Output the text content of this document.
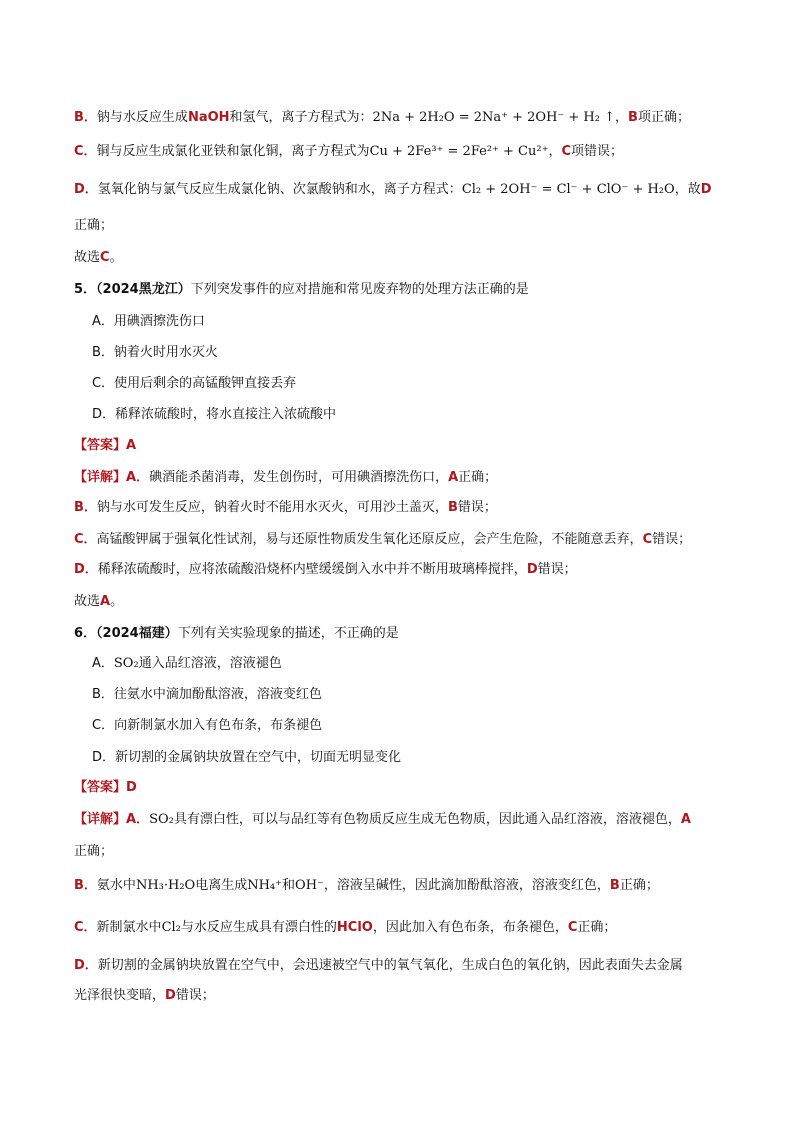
B．钠与水反应生成NaOH和氢气，离子方程式为：2Na + 2H₂O = 2Na⁺ + 2OH⁻ + H₂ ↑，B项正确；
C．铜与反应生成氯化亚铁和氯化铜，离子方程式为Cu + 2Fe³⁺ = 2Fe²⁺ + Cu²⁺，C项错误；
D．氢氧化钠与氯气反应生成氯化钠、次氯酸钠和水，离子方程式：Cl₂ + 2OH⁻ = Cl⁻ + ClO⁻ + H₂O，故D
正确；
故选C。
5．（2024黑龙江）下列突发事件的应对措施和常见废弃物的处理方法正确的是
A．用碘酒擦洗伤口
B．钠着火时用水灭火
C．使用后剩余的高锰酸钾直接丢弃
D．稀释浓硫酸时，将水直接注入浓硫酸中
【答案】A
【详解】A．碘酒能杀菌消毒，发生创伤时，可用碘酒擦洗伤口，A正确；
B．钠与水可发生反应，钠着火时不能用水灭火，可用沙土盖灭，B错误；
C．高锰酸钾属于强氧化性试剂，易与还原性物质发生氧化还原反应，会产生危险，不能随意丢弃，C错误；
D．稀释浓硫酸时，应将浓硫酸沿烧杯内壁缓缓倒入水中并不断用玻璃棒搅拌，D错误；
故选A。
6．（2024福建）下列有关实验现象的描述，不正确的是
A．SO₂通入品红溶液，溶液褪色
B．往氨水中滴加酚酞溶液，溶液变红色
C．向新制氯水加入有色布条，布条褪色
D．新切割的金属钠块放置在空气中，切面无明显变化
【答案】D
【详解】A．SO₂具有漂白性，可以与品红等有色物质反应生成无色物质，因此通入品红溶液，溶液褪色，A
正确；
B．氨水中NH₃·H₂O电离生成NH₄⁺和OH⁻，溶液呈碱性，因此滴加酚酞溶液，溶液变红色，B正确；
C．新制氯水中Cl₂与水反应生成具有漂白性的HClO，因此加入有色布条，布条褪色，C正确；
D．新切割的金属钠块放置在空气中，会迅速被空气中的氧气氧化，生成白色的氧化钠，因此表面失去金属
光泽很快变暗，D错误；
